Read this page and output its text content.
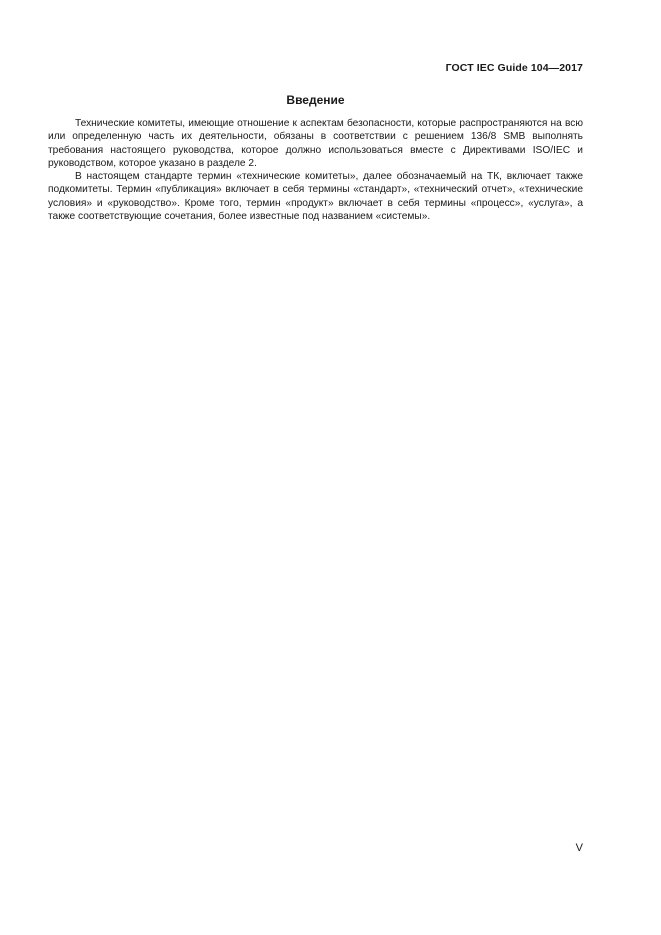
ГОСТ IEC Guide 104—2017
Введение

Технические комитеты, имеющие отношение к аспектам безопасности, которые распространяются на всю или определенную часть их деятельности, обязаны в соответствии с решением 136/8 SMB выполнять требования настоящего руководства, которое должно использоваться вместе с Директивами ISO/IEC и руководством, которое указано в разделе 2.

В настоящем стандарте термин «технические комитеты», далее обозначаемый на ТК, включает также подкомитеты. Термин «публикация» включает в себя термины «стандарт», «технический отчет», «технические условия» и «руководство». Кроме того, термин «продукт» включает в себя термины «процесс», «услуга», а также соответствующие сочетания, более известные под названием «системы».

V
